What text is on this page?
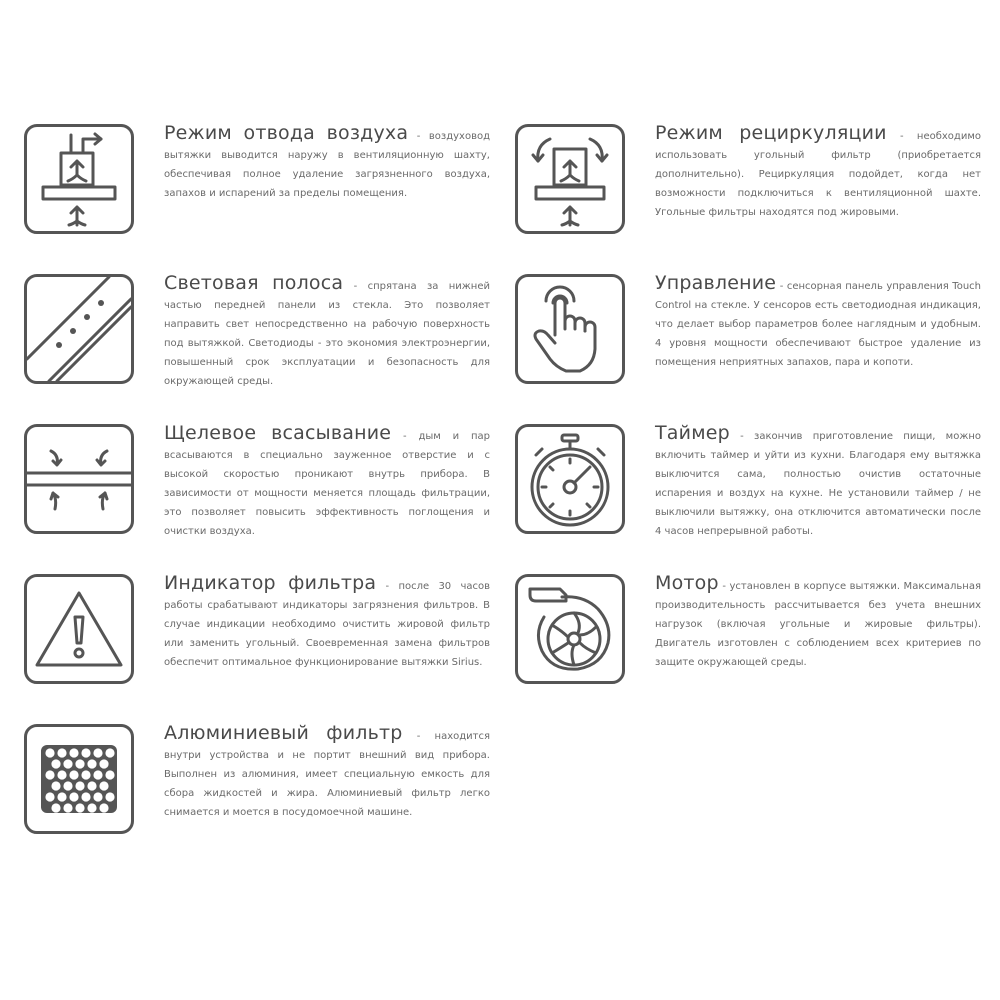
Режим отвода воздуха - воздуховод вытяжки выводится наружу в вентиляционную шахту, обеспечивая полное удаление загрязненного воздуха, запахов и испарений за пределы помещения.
Режим рециркуляции - необходимо использовать угольный фильтр (приобретается дополнительно). Рециркуляция подойдет, когда нет возможности подключиться к вентиляционной шахте. Угольные фильтры находятся под жировыми.
Световая полоса - спрятана за нижней частью передней панели из стекла. Это позволяет направить свет непосредственно на рабочую поверхность под вытяжкой. Светодиоды - это экономия электроэнергии, повышенный срок эксплуатации и безопасность для окружающей среды.
Управление - сенсорная панель управления Touch Control на стекле. У сенсоров есть светодиодная индикация, что делает выбор параметров более наглядным и удобным. 4 уровня мощности обеспечивают быстрое удаление из помещения неприятных запахов, пара и копоти.
Щелевое всасывание - дым и пар всасываются в специально зауженное отверстие и с высокой скоростью проникают внутрь прибора. В зависимости от мощности меняется площадь фильтрации, это позволяет повысить эффективность поглощения и очистки воздуха.
Таймер - закончив приготовление пищи, можно включить таймер и уйти из кухни. Благодаря ему вытяжка выключится сама, полностью очистив остаточные испарения и воздух на кухне. Не установили таймер / не выключили вытяжку, она отключится автоматически после 4 часов непрерывной работы.
Индикатор фильтра - после 30 часов работы срабатывают индикаторы загрязнения фильтров. В случае индикации необходимо очистить жировой фильтр или заменить угольный. Своевременная замена фильтров обеспечит оптимальное функционирование вытяжки Sirius.
Мотор - установлен в корпусе вытяжки. Максимальная производительность рассчитывается без учета внешних нагрузок (включая угольные и жировые фильтры). Двигатель изготовлен с соблюдением всех критериев по защите окружающей среды.
Алюминиевый фильтр - находится внутри устройства и не портит внешний вид прибора. Выполнен из алюминия, имеет специальную емкость для сбора жидкостей и жира. Алюминиевый фильтр легко снимается и моется в посудомоечной машине.
